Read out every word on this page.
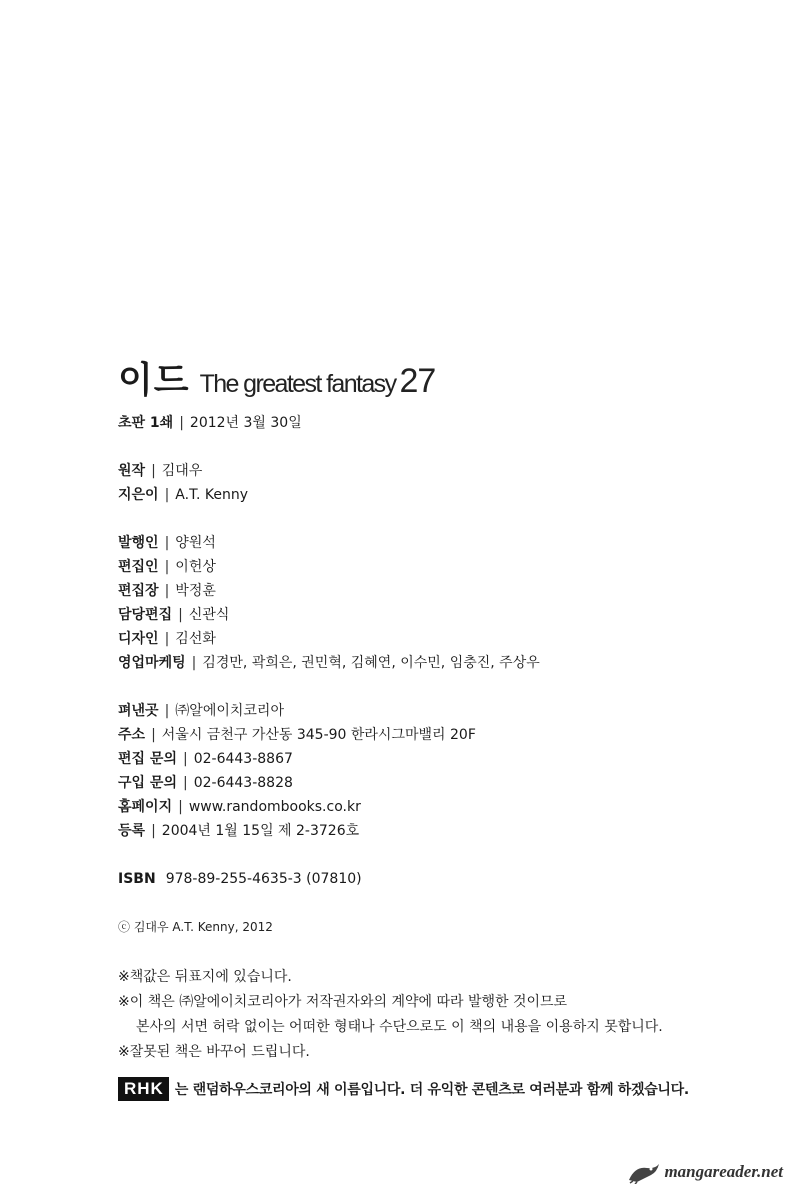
이드 The greatest fantasy 27
초판 1쇄 | 2012년 3월 30일
원작 | 김대우
지은이 | A.T. Kenny
발행인 | 양원석
편집인 | 이헌상
편집장 | 박정훈
담당편집 | 신관식
디자인 | 김선화
영업마케팅 | 김경만, 곽희은, 권민혁, 김혜연, 이수민, 임충진, 주상우
펴낸곳 | ㈜알에이치코리아
주소 | 서울시 금천구 가산동 345-90 한라시그마밸리 20F
편집 문의 | 02-6443-8867
구입 문의 | 02-6443-8828
홈페이지 | www.randombooks.co.kr
등록 | 2004년 1월 15일 제 2-3726호
ISBN 978-89-255-4635-3 (07810)
ⓒ 김대우 A.T. Kenny, 2012
※책값은 뒤표지에 있습니다.
※이 책은 ㈜알에이치코리아가 저작권자와의 계약에 따라 발행한 것이므로
본사의 서면 허락 없이는 어떠한 형태나 수단으로도 이 책의 내용을 이용하지 못합니다.
※잘못된 책은 바꾸어 드립니다.
RHK 는 랜덤하우스코리아의 새 이름입니다. 더 유익한 콘텐츠로 여러분과 함께 하겠습니다.
mangareader.net
